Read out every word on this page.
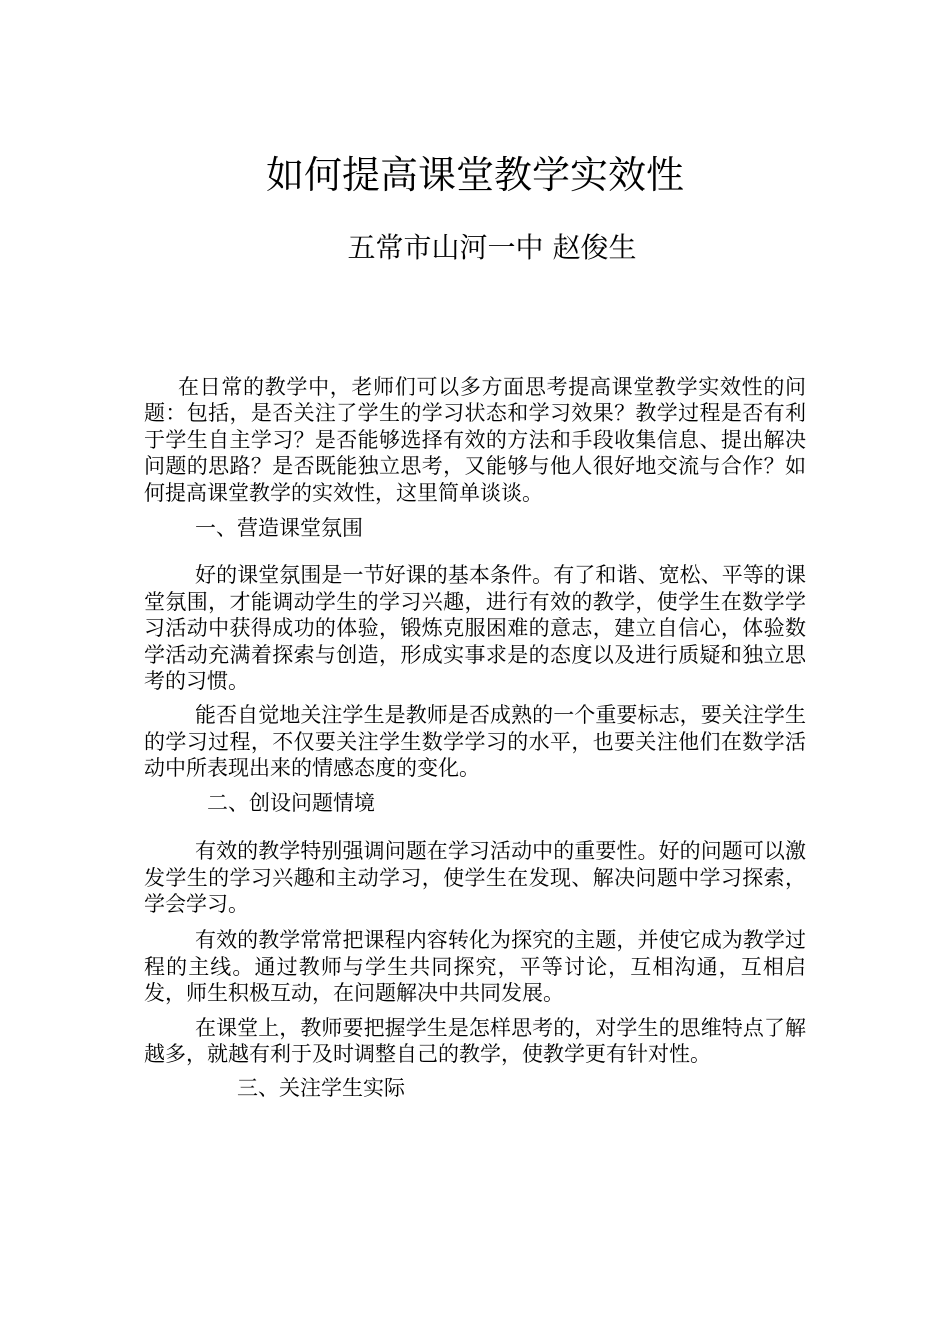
如何提高课堂教学实效性
五常市山河一中 赵俊生

在日常的教学中，老师们可以多方面思考提高课堂教学实效性的问题：包括，是否关注了学生的学习状态和学习效果？教学过程是否有利于学生自主学习？是否能够选择有效的方法和手段收集信息、提出解决问题的思路？是否既能独立思考，又能够与他人很好地交流与合作？如何提高课堂教学的实效性，这里简单谈谈。

一、营造课堂氛围

好的课堂氛围是一节好课的基本条件。有了和谐、宽松、平等的课堂氛围，才能调动学生的学习兴趣，进行有效的教学，使学生在数学学习活动中获得成功的体验，锻炼克服困难的意志，建立自信心，体验数学活动充满着探索与创造，形成实事求是的态度以及进行质疑和独立思考的习惯。

能否自觉地关注学生是教师是否成熟的一个重要标志，要关注学生的学习过程，不仅要关注学生数学学习的水平，也要关注他们在数学活动中所表现出来的情感态度的变化。

二、创设问题情境

有效的教学特别强调问题在学习活动中的重要性。好的问题可以激发学生的学习兴趣和主动学习，使学生在发现、解决问题中学习探索，学会学习。

有效的教学常常把课程内容转化为探究的主题，并使它成为教学过程的主线。通过教师与学生共同探究，平等讨论，互相沟通，互相启发，师生积极互动，在问题解决中共同发展。

在课堂上，教师要把握学生是怎样思考的，对学生的思维特点了解越多，就越有利于及时调整自己的教学，使教学更有针对性。

三、关注学生实际
